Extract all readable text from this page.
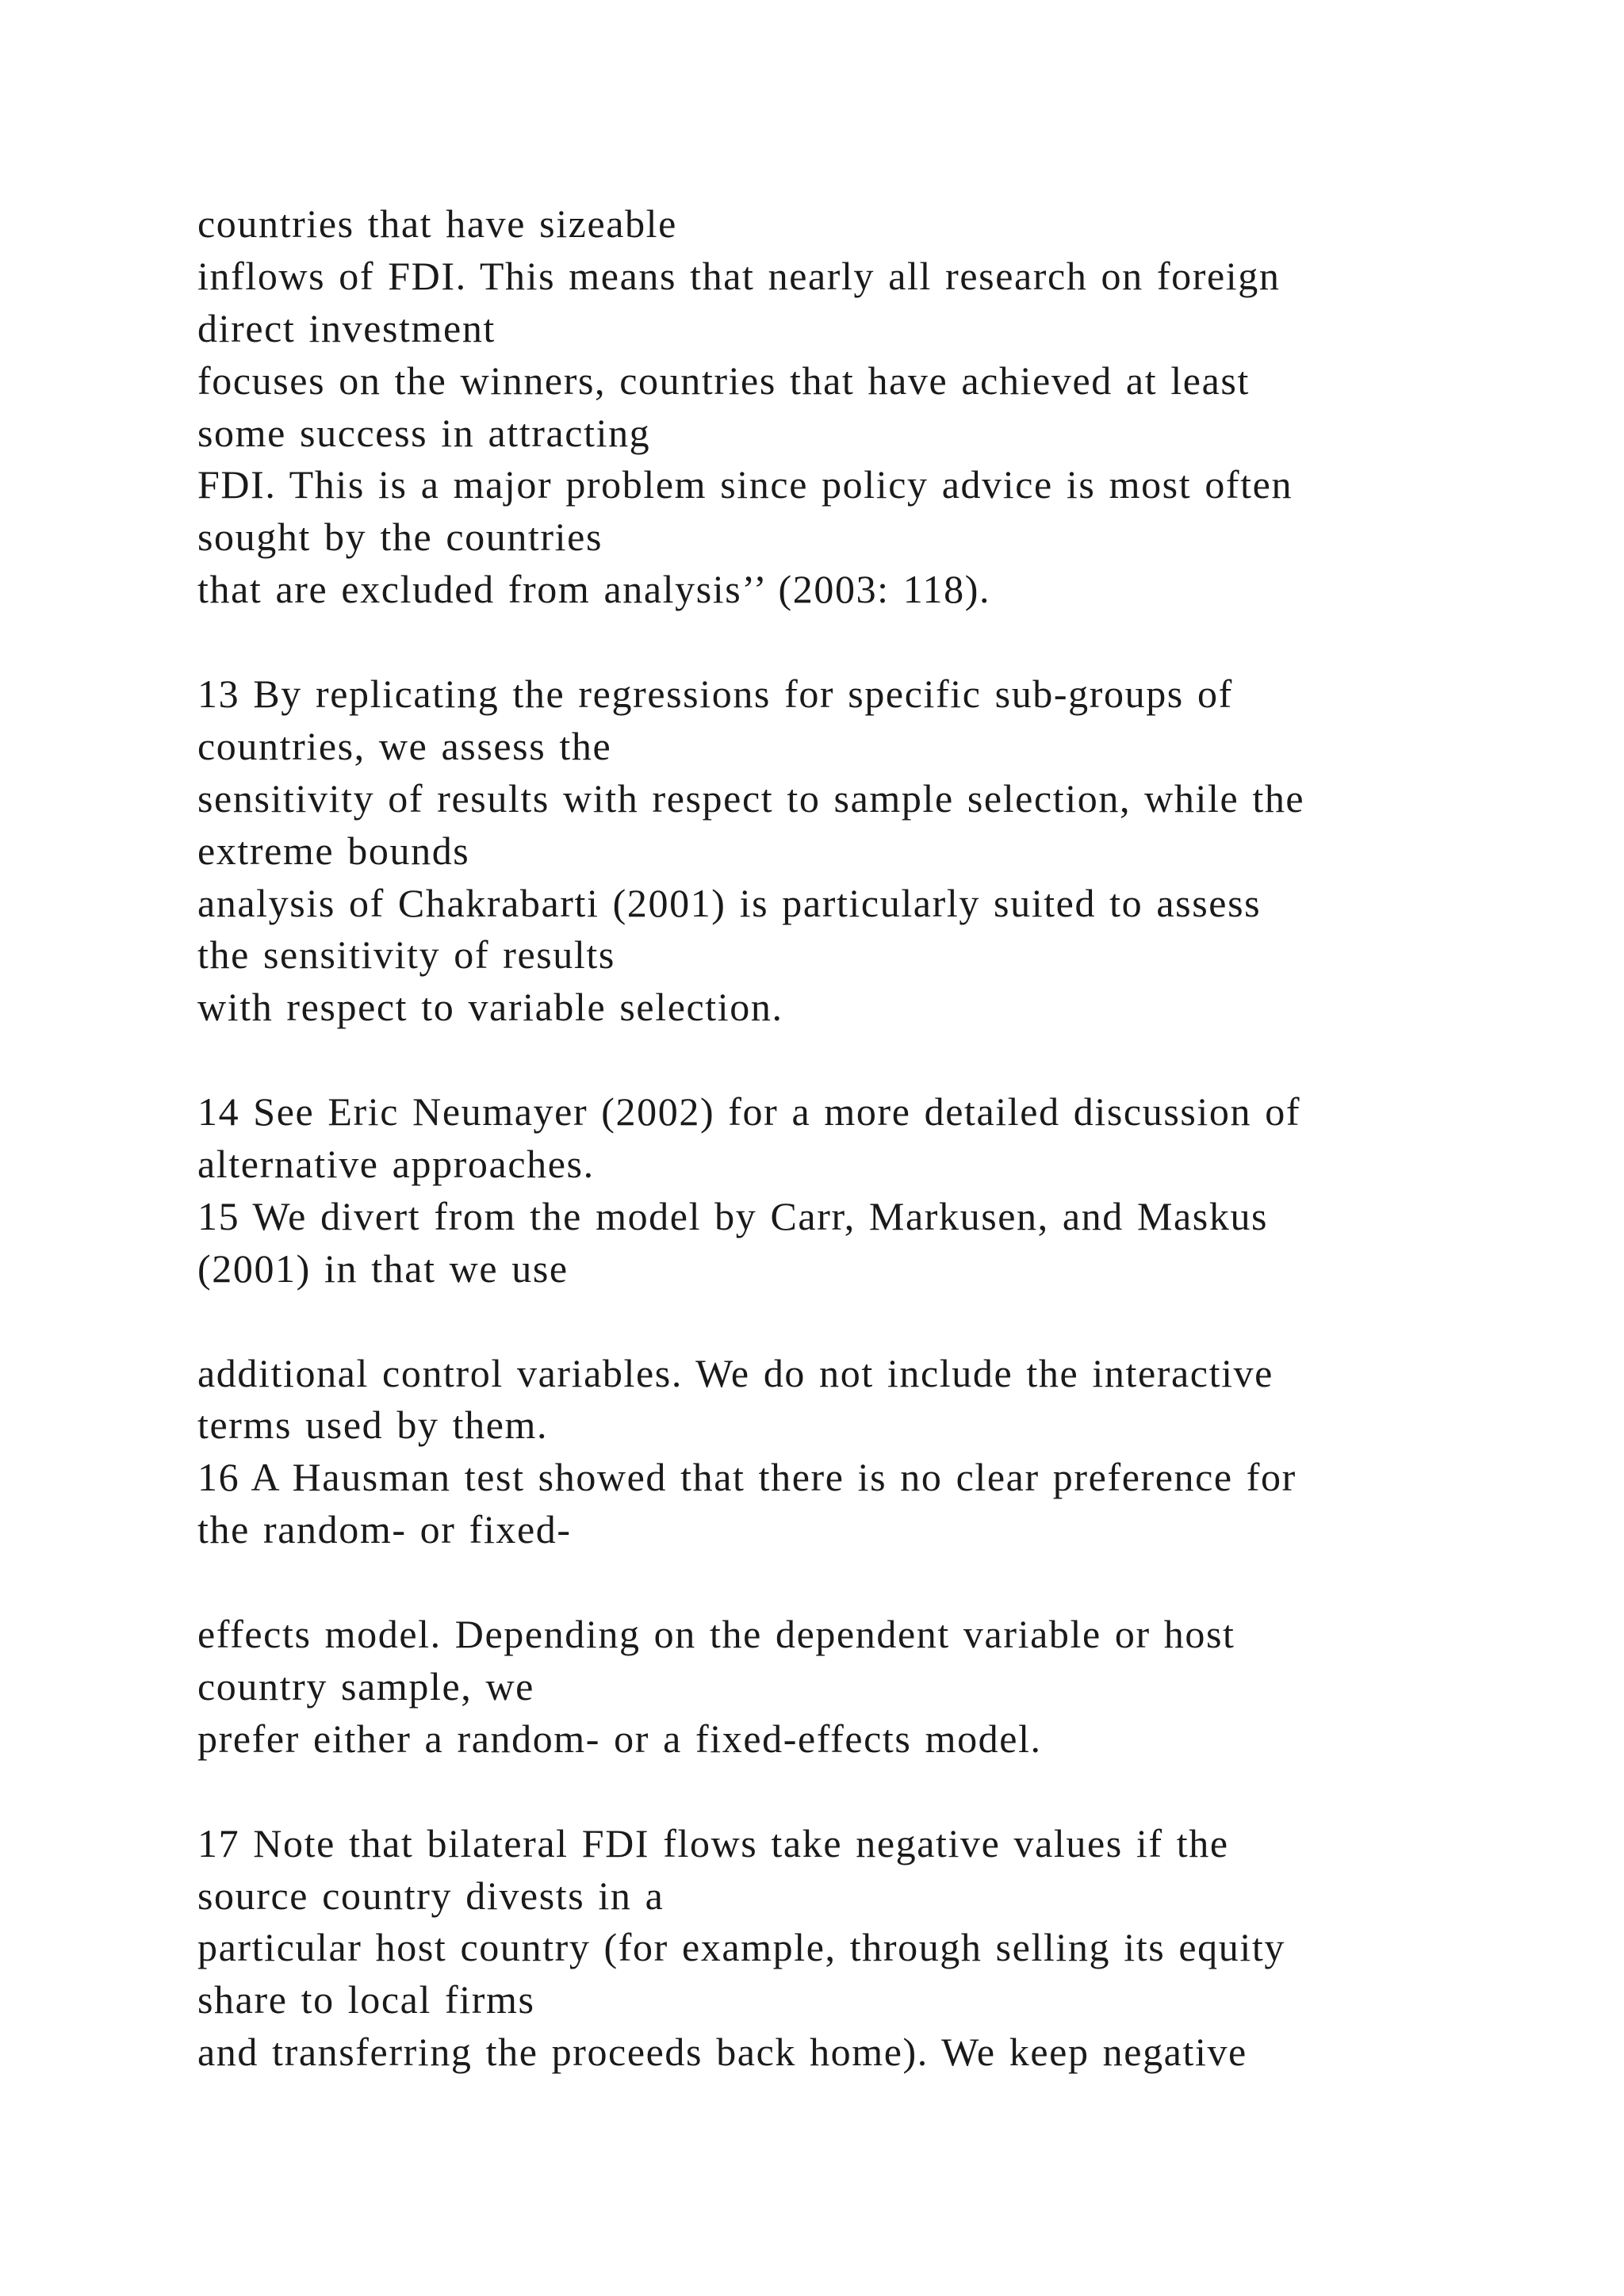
countries that have sizeable
inflows of FDI. This means that nearly all research on foreign
direct investment
focuses on the winners, countries that have achieved at least
some success in attracting
FDI. This is a major problem since policy advice is most often
sought by the countries
that are excluded from analysis’’ (2003: 118).
13 By replicating the regressions for specific sub-groups of
countries, we assess the
sensitivity of results with respect to sample selection, while the
extreme bounds
analysis of Chakrabarti (2001) is particularly suited to assess
the sensitivity of results
with respect to variable selection.
14 See Eric Neumayer (2002) for a more detailed discussion of
alternative approaches.
15 We divert from the model by Carr, Markusen, and Maskus
(2001) in that we use
additional control variables. We do not include the interactive
terms used by them.
16 A Hausman test showed that there is no clear preference for
the random- or fixed-
effects model. Depending on the dependent variable or host
country sample, we
prefer either a random- or a fixed-effects model.
17 Note that bilateral FDI flows take negative values if the
source country divests in a
particular host country (for example, through selling its equity
share to local firms
and transferring the proceeds back home). We keep negative
